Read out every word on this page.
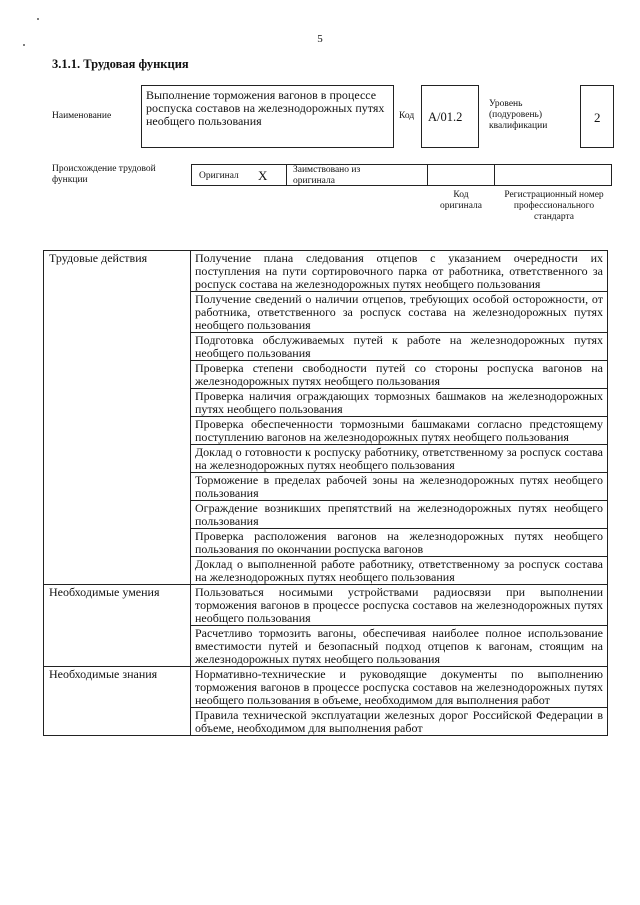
5
3.1.1. Трудовая функция
Наименование
Выполнение торможения вагонов в процессе роспуска составов на железнодорожных путях необщего пользования	Код А/01.2
Уровень (подуровень) квалификации
2
Происхождение трудовой функции	Оригинал X	Заимствовано из оригинала
Код оригинала
Регистрационный номер профессионального стандарта
Трудовые действия	Получение плана следования отцепов с указанием очередности их поступления на пути сортировочного парка от работника, ответственного за роспуск состава на железнодорожных путях необщего пользования
	Получение сведений о наличии отцепов, требующих особой осторожности, от работника, ответственного за роспуск состава на железнодорожных путях необщего пользования
	Подготовка обслуживаемых путей к работе на железнодорожных путях необщего пользования
	Проверка степени свободности путей со стороны роспуска вагонов на железнодорожных путях необщего пользования
	Проверка наличия ограждающих тормозных башмаков на железнодорожных путях необщего пользования
	Проверка обеспеченности тормозными башмаками согласно предстоящему поступлению вагонов на железнодорожных путях необщего пользования
	Доклад о готовности к роспуску работнику, ответственному за роспуск состава на железнодорожных путях необщего пользования
	Торможение в пределах рабочей зоны на железнодорожных путях необщего пользования
	Ограждение возникших препятствий на железнодорожных путях необщего пользования
	Проверка расположения вагонов на железнодорожных путях необщего пользования по окончании роспуска вагонов
	Доклад о выполненной работе работнику, ответственному за роспуск состава на железнодорожных путях необщего пользования
Необходимые умения	Пользоваться носимыми устройствами радиосвязи при выполнении торможения вагонов в процессе роспуска составов на железнодорожных путях необщего пользования
	Расчетливо тормозить вагоны, обеспечивая наиболее полное использование вместимости путей и безопасный подход отцепов к вагонам, стоящим на железнодорожных путях необщего пользования
Необходимые знания	Нормативно-технические и руководящие документы по выполнению торможения вагонов в процессе роспуска составов на железнодорожных путях необщего пользования в объеме, необходимом для выполнения работ
	Правила технической эксплуатации железных дорог Российской Федерации в объеме, необходимом для выполнения работ
